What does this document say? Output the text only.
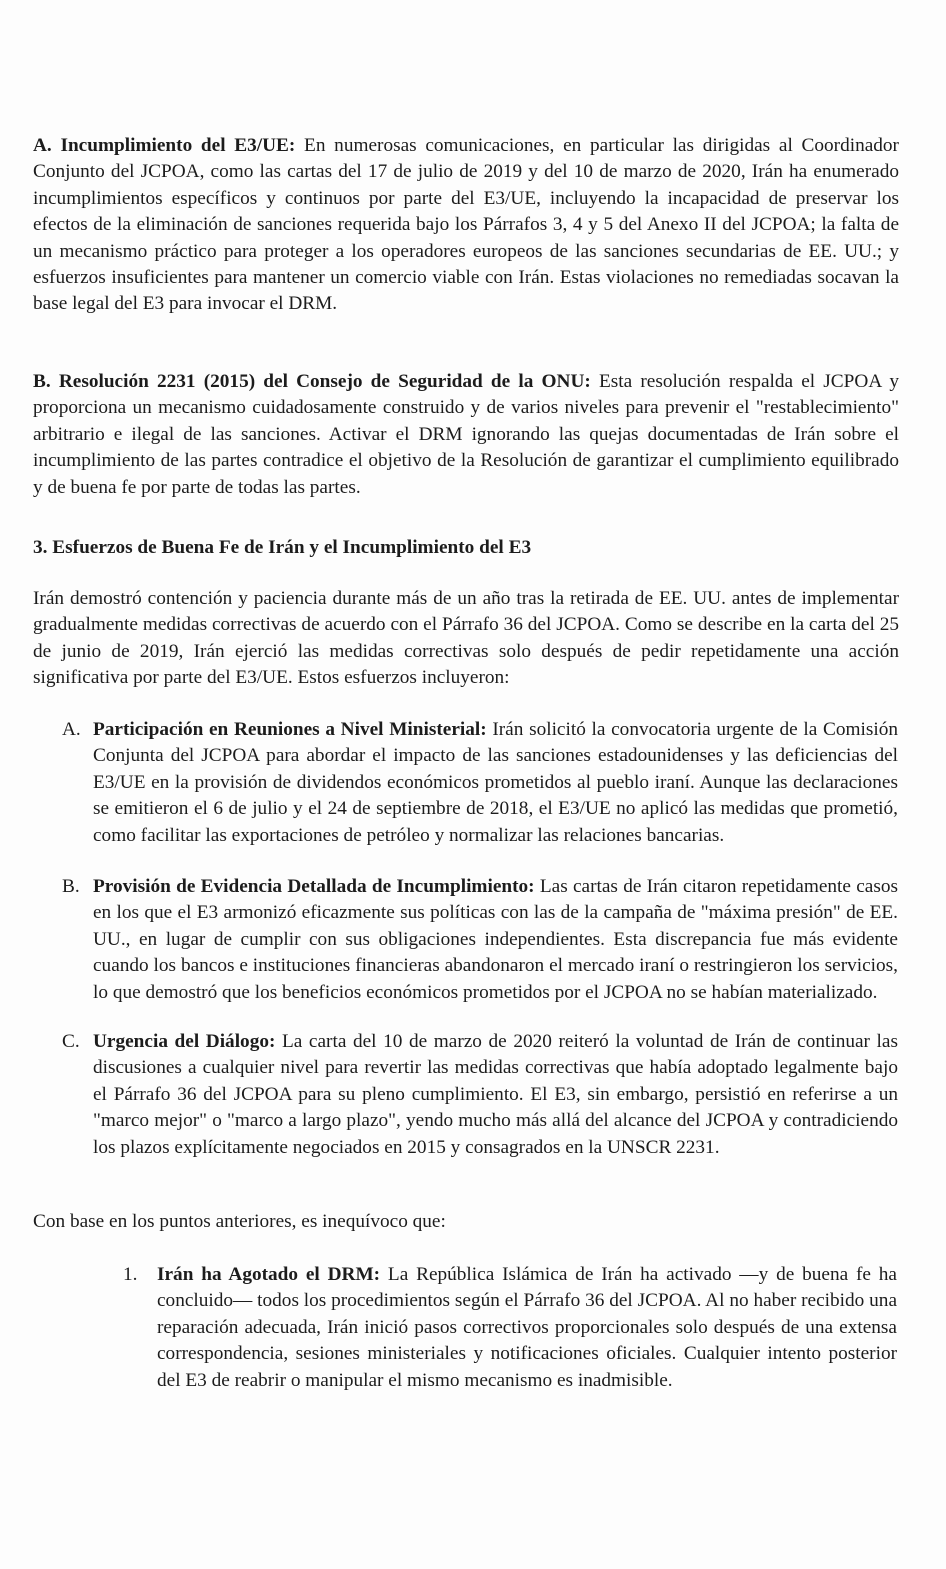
A. Incumplimiento del E3/UE: En numerosas comunicaciones, en particular las dirigidas al Coordinador Conjunto del JCPOA, como las cartas del 17 de julio de 2019 y del 10 de marzo de 2020, Irán ha enumerado incumplimientos específicos y continuos por parte del E3/UE, incluyendo la incapacidad de preservar los efectos de la eliminación de sanciones requerida bajo los Párrafos 3, 4 y 5 del Anexo II del JCPOA; la falta de un mecanismo práctico para proteger a los operadores europeos de las sanciones secundarias de EE. UU.; y esfuerzos insuficientes para mantener un comercio viable con Irán. Estas violaciones no remediadas socavan la base legal del E3 para invocar el DRM.

B. Resolución 2231 (2015) del Consejo de Seguridad de la ONU: Esta resolución respalda el JCPOA y proporciona un mecanismo cuidadosamente construido y de varios niveles para prevenir el "restablecimiento" arbitrario e ilegal de las sanciones. Activar el DRM ignorando las quejas documentadas de Irán sobre el incumplimiento de las partes contradice el objetivo de la Resolución de garantizar el cumplimiento equilibrado y de buena fe por parte de todas las partes.

3. Esfuerzos de Buena Fe de Irán y el Incumplimiento del E3

Irán demostró contención y paciencia durante más de un año tras la retirada de EE. UU. antes de implementar gradualmente medidas correctivas de acuerdo con el Párrafo 36 del JCPOA. Como se describe en la carta del 25 de junio de 2019, Irán ejerció las medidas correctivas solo después de pedir repetidamente una acción significativa por parte del E3/UE. Estos esfuerzos incluyeron:

A. Participación en Reuniones a Nivel Ministerial: Irán solicitó la convocatoria urgente de la Comisión Conjunta del JCPOA para abordar el impacto de las sanciones estadounidenses y las deficiencias del E3/UE en la provisión de dividendos económicos prometidos al pueblo iraní. Aunque las declaraciones se emitieron el 6 de julio y el 24 de septiembre de 2018, el E3/UE no aplicó las medidas que prometió, como facilitar las exportaciones de petróleo y normalizar las relaciones bancarias.
B. Provisión de Evidencia Detallada de Incumplimiento: Las cartas de Irán citaron repetidamente casos en los que el E3 armonizó eficazmente sus políticas con las de la campaña de "máxima presión" de EE. UU., en lugar de cumplir con sus obligaciones independientes. Esta discrepancia fue más evidente cuando los bancos e instituciones financieras abandonaron el mercado iraní o restringieron los servicios, lo que demostró que los beneficios económicos prometidos por el JCPOA no se habían materializado.
C. Urgencia del Diálogo: La carta del 10 de marzo de 2020 reiteró la voluntad de Irán de continuar las discusiones a cualquier nivel para revertir las medidas correctivas que había adoptado legalmente bajo el Párrafo 36 del JCPOA para su pleno cumplimiento. El E3, sin embargo, persistió en referirse a un "marco mejor" o "marco a largo plazo", yendo mucho más allá del alcance del JCPOA y contradiciendo los plazos explícitamente negociados en 2015 y consagrados en la UNSCR 2231.

Con base en los puntos anteriores, es inequívoco que:

1. Irán ha Agotado el DRM: La República Islámica de Irán ha activado —y de buena fe ha concluido— todos los procedimientos según el Párrafo 36 del JCPOA. Al no haber recibido una reparación adecuada, Irán inició pasos correctivos proporcionales solo después de una extensa correspondencia, sesiones ministeriales y notificaciones oficiales. Cualquier intento posterior del E3 de reabrir o manipular el mismo mecanismo es inadmisible.
